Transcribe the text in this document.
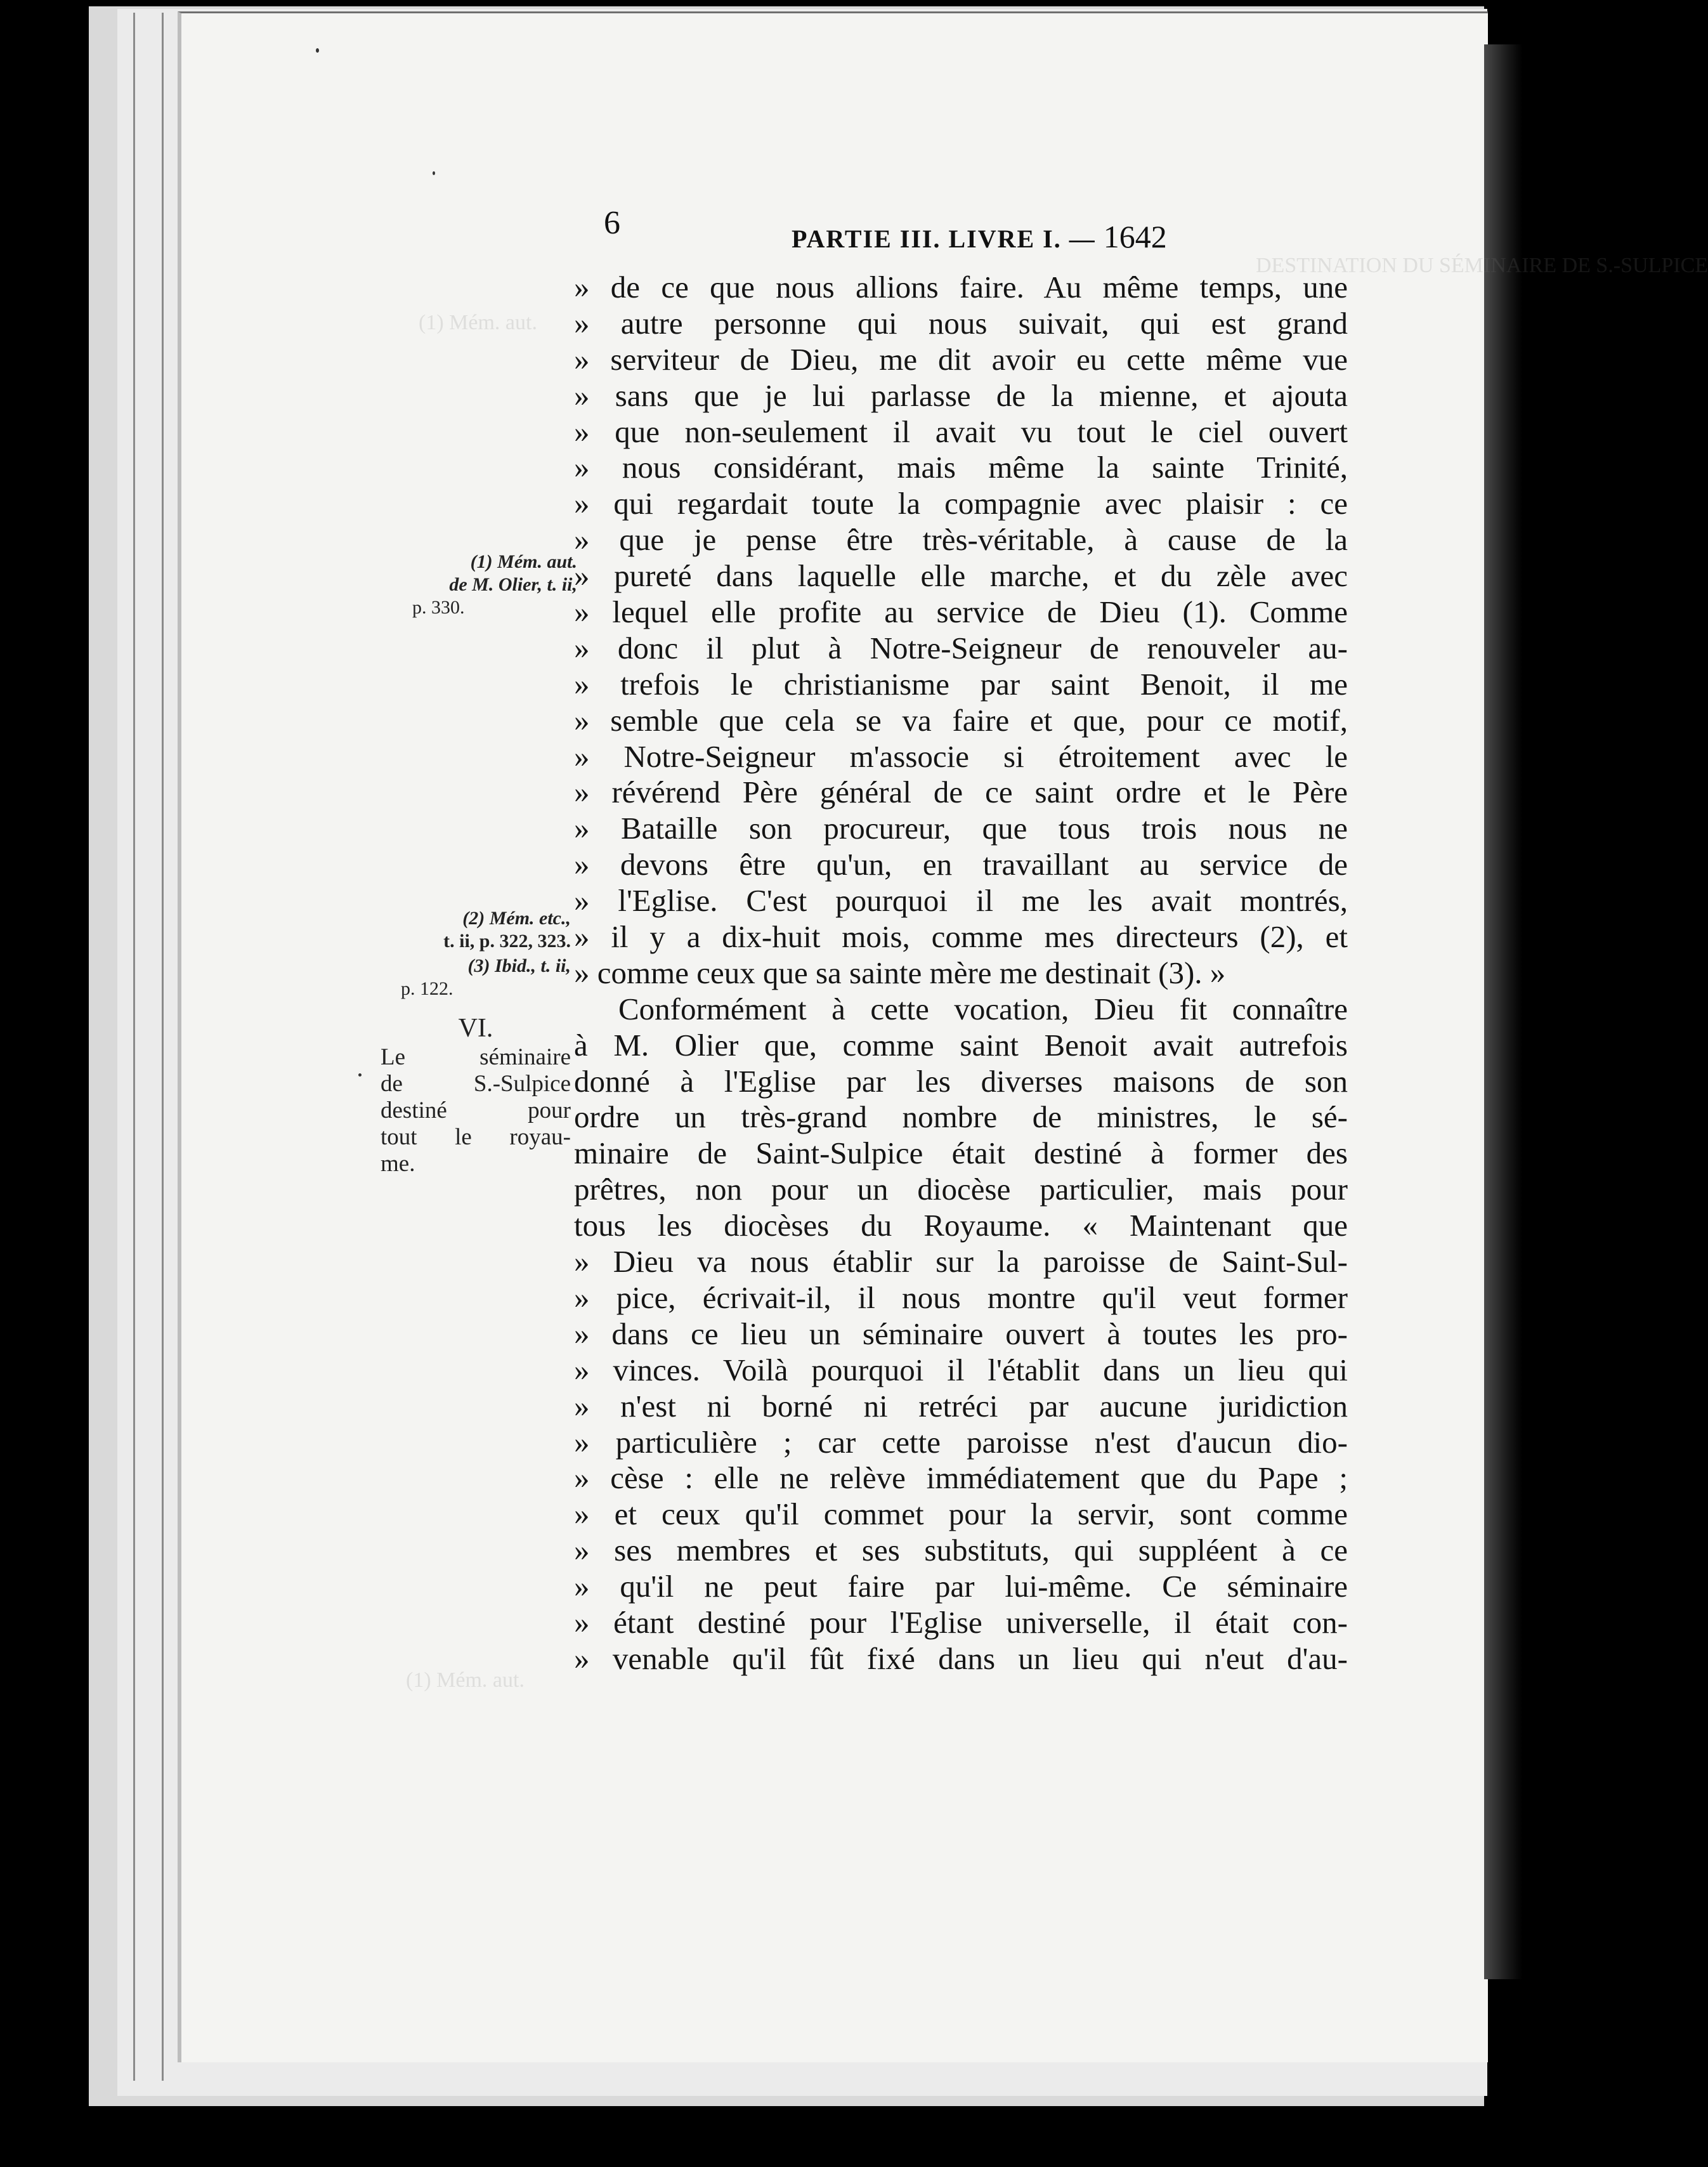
DESTINATION DU SÉMINAIRE DE S.-SULPICE
(1) Mém. aut.
(1) Mém. aut.
6	PARTIE III. LIVRE I. — 1642
(1) Mém. aut.
de M. Olier, t. ii,
p. 330.
(2) Mém. etc.,
t. ii, p. 322, 323.
(3) Ibid., t. ii,
p. 122.
VI.
Le séminaire
de S.-Sulpice
destiné pour
tout le royau-
me.
» de ce que nous allions faire. Au même temps, une
» autre personne qui nous suivait, qui est grand
» serviteur de Dieu, me dit avoir eu cette même vue
» sans que je lui parlasse de la mienne, et ajouta
» que non-seulement il avait vu tout le ciel ouvert
» nous considérant, mais même la sainte Trinité,
» qui regardait toute la compagnie avec plaisir : ce
» que je pense être très-véritable, à cause de la
» pureté dans laquelle elle marche, et du zèle avec
» lequel elle profite au service de Dieu (1). Comme
» donc il plut à Notre-Seigneur de renouveler au-
» trefois le christianisme par saint Benoit, il me
» semble que cela se va faire et que, pour ce motif,
» Notre-Seigneur m'associe si étroitement avec le
» révérend Père général de ce saint ordre et le Père
» Bataille son procureur, que tous trois nous ne
» devons être qu'un, en travaillant au service de
» l'Eglise. C'est pourquoi il me les avait montrés,
» il y a dix-huit mois, comme mes directeurs (2), et
» comme ceux que sa sainte mère me destinait (3). »
Conformément à cette vocation, Dieu fit connaître
à M. Olier que, comme saint Benoit avait autrefois
donné à l'Eglise par les diverses maisons de son
ordre un très-grand nombre de ministres, le sé-
minaire de Saint-Sulpice était destiné à former des
prêtres, non pour un diocèse particulier, mais pour
tous les diocèses du Royaume. « Maintenant que
» Dieu va nous établir sur la paroisse de Saint-Sul-
» pice, écrivait-il, il nous montre qu'il veut former
» dans ce lieu un séminaire ouvert à toutes les pro-
» vinces. Voilà pourquoi il l'établit dans un lieu qui
» n'est ni borné ni retréci par aucune juridiction
» particulière ; car cette paroisse n'est d'aucun dio-
» cèse : elle ne relève immédiatement que du Pape ;
» et ceux qu'il commet pour la servir, sont comme
» ses membres et ses substituts, qui suppléent à ce
» qu'il ne peut faire par lui-même. Ce séminaire
» étant destiné pour l'Eglise universelle, il était con-
» venable qu'il fût fixé dans un lieu qui n'eut d'au-
